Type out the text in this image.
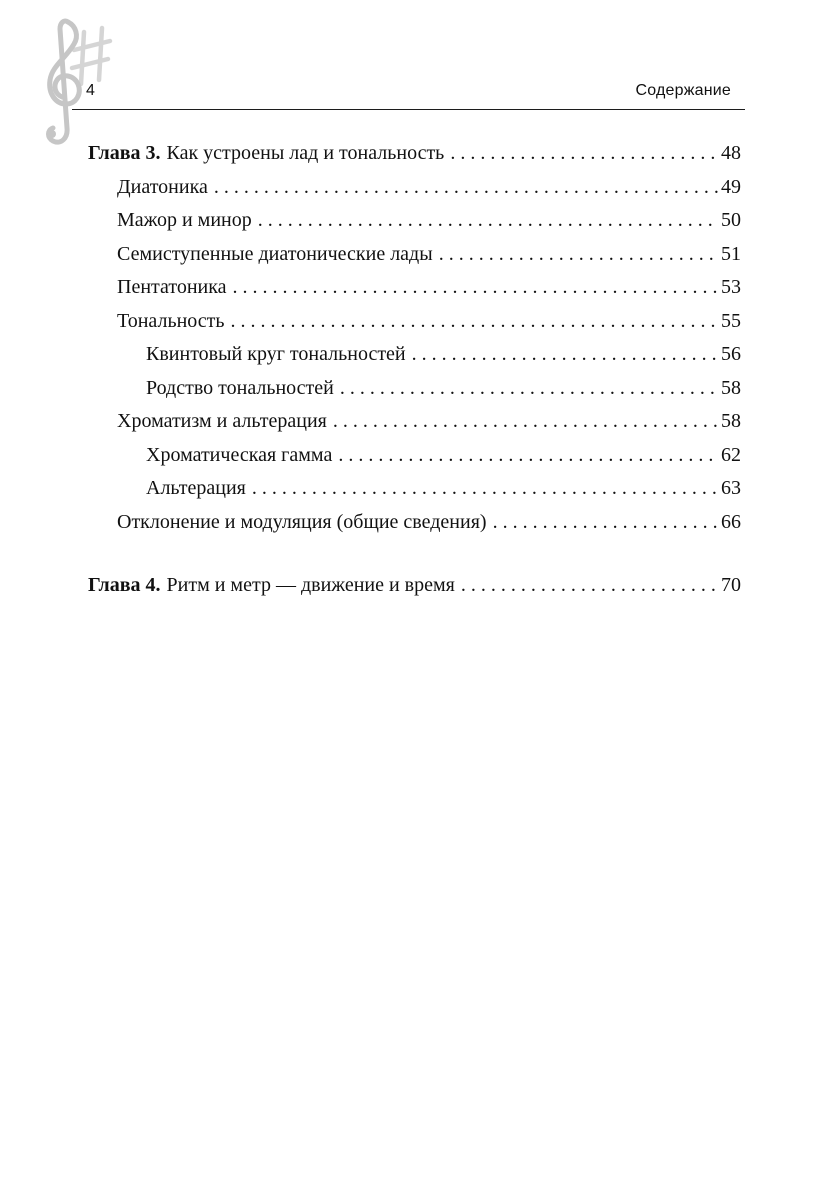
4	Содержание
Глава 3. Как устроены лад и тональность .....	48
Диатоника .....	49
Мажор и минор .....	50
Семиступенные диатонические лады .....	51
Пентатоника .....	53
Тональность .....	55
Квинтовый круг тональностей .....	56
Родство тональностей .....	58
Хроматизм и альтерация .....	58
Хроматическая гамма .....	62
Альтерация .....	63
Отклонение и модуляция (общие сведения) .....	66
Глава 4. Ритм и метр — движение и время .....	70
